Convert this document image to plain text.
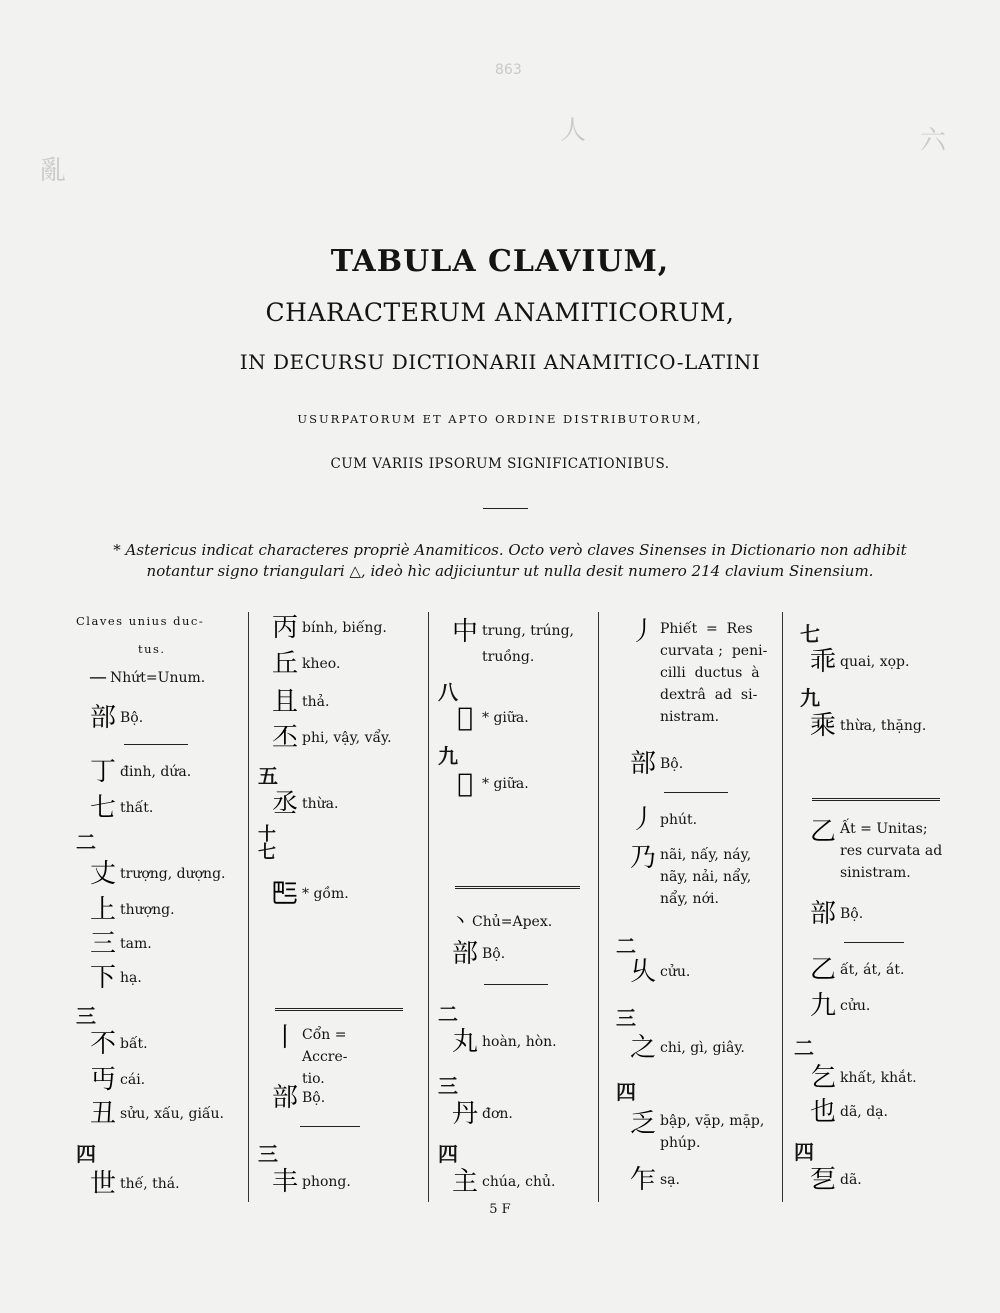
863
亂
六
人
TABULA CLAVIUM,
CHARACTERUM ANAMITICORUM,
IN DECURSU DICTIONARII ANAMITICO-LATINI
USURPATORUM ET APTO ORDINE DISTRIBUTORUM,
CUM VARIIS IPSORUM SIGNIFICATIONIBUS.
* Astericus indicat characteres propriè Anamiticos. Octo verò claves Sinenses in Dictionario non adhibit
notantur signo triangulari △, ideò hìc adjiciuntur ut nulla desit numero 214 clavium Sinensium.
Claves unius duc-
tus.
— Nhứt=Unum.
部 Bộ.
丁 đinh, dứa.
七 thất.
二
丈 trượng, dượng.
上 thượng.
三 tam.
下 hạ.
三
不 bất.
丏 cái.
丑 sửu, xấu, giấu.
四
世 thế, thá.
丙 bính, biếng.
丘 kheo.
且 thả.
丕 phi, vậy, vẩy.
五
丞 thừa.
十七
𠀧 * gồm.
丨 Cổn = Accre-
tio.
部 Bộ.
三
丰 phong.
中 trung, trúng,
truồng.
八
𠁵 * giữa.
九
𠁵 * giữa.
丶 Chủ=Apex.
部 Bộ.
二
丸 hoàn, hòn.
三
丹 đơn.
四
主 chúa, chủ.
丿 Phiết  =  Res
curvata ;  peni-
cilli  ductus  à
dextrâ  ad  si-
nistram.
部 Bộ.
丿 phút.
乃 nãi, nấy, náy,
nãy, nải, nẩy,
nẩy, nới.
二
乆 cửu.
三
之 chi, gì, giây.
四
乏 bập, vặp, mặp,
phúp.
乍 sạ.
七
乖 quai, xọp.
九
乘 thừa, thặng.
乙 Ất = Unitas;
res curvata ad
sinistram.
部 Bộ.
乙 ất, át, át.
九 cửu.
二
乞 khất, khắt.
也 dã, dạ.
四
乭 dã.
5 F
